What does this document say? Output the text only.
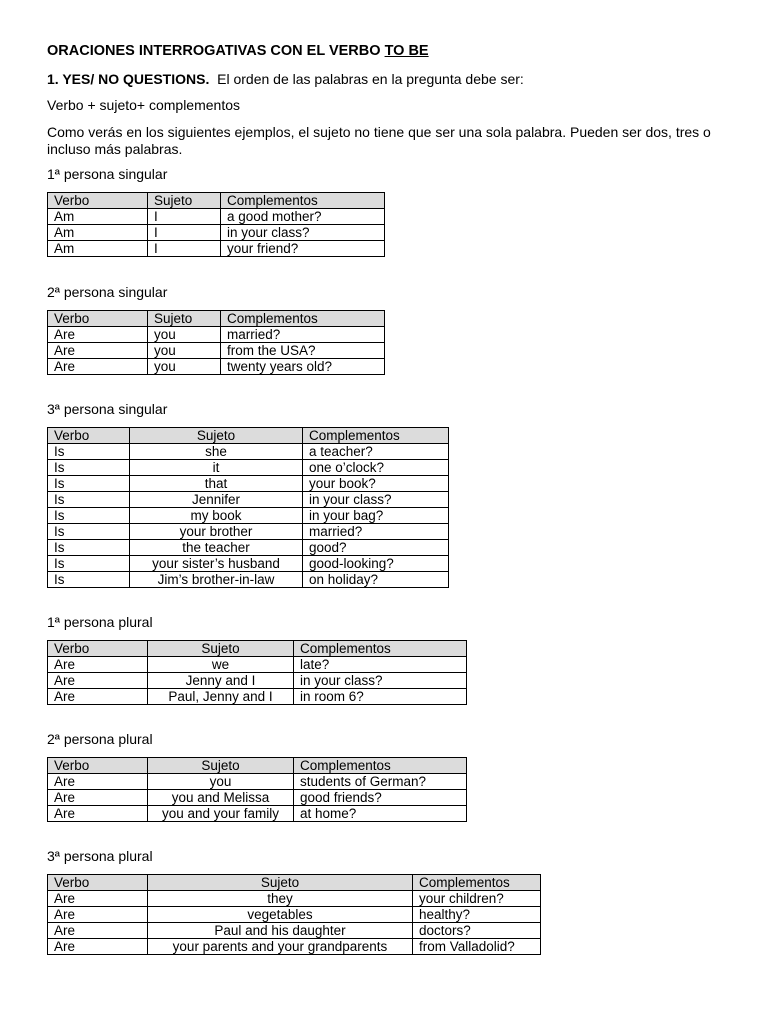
ORACIONES INTERROGATIVAS CON EL VERBO TO BE
1. YES/ NO QUESTIONS. El orden de las palabras en la pregunta debe ser:
Verbo + sujeto+ complementos
Como verás en los siguientes ejemplos, el sujeto no tiene que ser una sola palabra. Pueden ser dos, tres o incluso más palabras.
1ª persona singular
Verbo	Sujeto	Complementos
Am	I	a good mother?
Am	I	in your class?
Am	I	your friend?
2ª persona singular
Verbo	Sujeto	Complementos
Are	you	married?
Are	you	from the USA?
Are	you	twenty years old?
3ª persona singular
Verbo	Sujeto	Complementos
Is	she	a teacher?
Is	it	one o’clock?
Is	that	your book?
Is	Jennifer	in your class?
Is	my book	in your bag?
Is	your brother	married?
Is	the teacher	good?
Is	your sister’s husband	good-looking?
Is	Jim’s brother-in-law	on holiday?
1ª persona plural
Verbo	Sujeto	Complementos
Are	we	late?
Are	Jenny and I	in your class?
Are	Paul, Jenny and I	in room 6?
2ª persona plural
Verbo	Sujeto	Complementos
Are	you	students of German?
Are	you and Melissa	good friends?
Are	you and your family	at home?
3ª persona plural
Verbo	Sujeto	Complementos
Are	they	your children?
Are	vegetables	healthy?
Are	Paul and his daughter	doctors?
Are	your parents and your grandparents	from Valladolid?
